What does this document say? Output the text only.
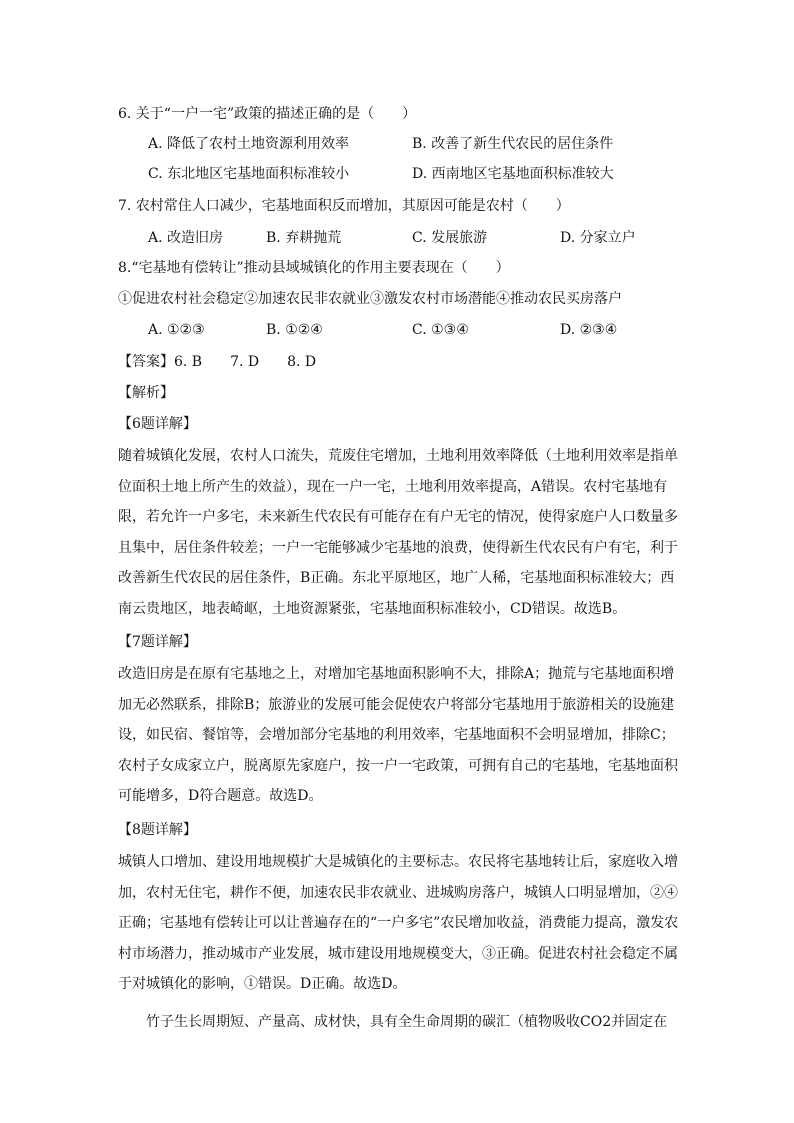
6. 关于“一户一宅”政策的描述正确的是（　　）
A. 降低了农村土地资源利用效率	B. 改善了新生代农民的居住条件
C. 东北地区宅基地面积标准较小	D. 西南地区宅基地面积标准较大
7. 农村常住人口减少，宅基地面积反而增加，其原因可能是农村（　　）
A. 改造旧房	B. 弃耕抛荒	C. 发展旅游	D. 分家立户
8.“宅基地有偿转让”推动县域城镇化的作用主要表现在（　　）
①促进农村社会稳定②加速农民非农就业③激发农村市场潜能④推动农民买房落户
A. ①②③	B. ①②④	C. ①③④	D. ②③④
【答案】6. B　　7. D　　8. D
【解析】
【6题详解】
随着城镇化发展，农村人口流失，荒废住宅增加，土地利用效率降低（土地利用效率是指单
位面积土地上所产生的效益），现在一户一宅，土地利用效率提高，A错误。农村宅基地有
限，若允许一户多宅，未来新生代农民有可能存在有户无宅的情况，使得家庭户人口数量多
且集中，居住条件较差；一户一宅能够减少宅基地的浪费，使得新生代农民有户有宅，利于
改善新生代农民的居住条件，B正确。东北平原地区，地广人稀，宅基地面积标准较大；西
南云贵地区，地表崎岖，土地资源紧张，宅基地面积标准较小，CD错误。故选B。
【7题详解】
改造旧房是在原有宅基地之上，对增加宅基地面积影响不大，排除A；抛荒与宅基地面积增
加无必然联系，排除B；旅游业的发展可能会促使农户将部分宅基地用于旅游相关的设施建
设，如民宿、餐馆等，会增加部分宅基地的利用效率，宅基地面积不会明显增加，排除C；
农村子女成家立户，脱离原先家庭户，按一户一宅政策，可拥有自己的宅基地，宅基地面积
可能增多，D符合题意。故选D。
【8题详解】
城镇人口增加、建设用地规模扩大是城镇化的主要标志。农民将宅基地转让后，家庭收入增
加，农村无住宅，耕作不便，加速农民非农就业、进城购房落户，城镇人口明显增加，②④
正确；宅基地有偿转让可以让普遍存在的“一户多宅”农民增加收益，消费能力提高，激发农
村市场潜力，推动城市产业发展，城市建设用地规模变大，③正确。促进农村社会稳定不属
于对城镇化的影响，①错误。D正确。故选D。
竹子生长周期短、产量高、成材快，具有全生命周期的碳汇（植物吸收CO2并固定在
